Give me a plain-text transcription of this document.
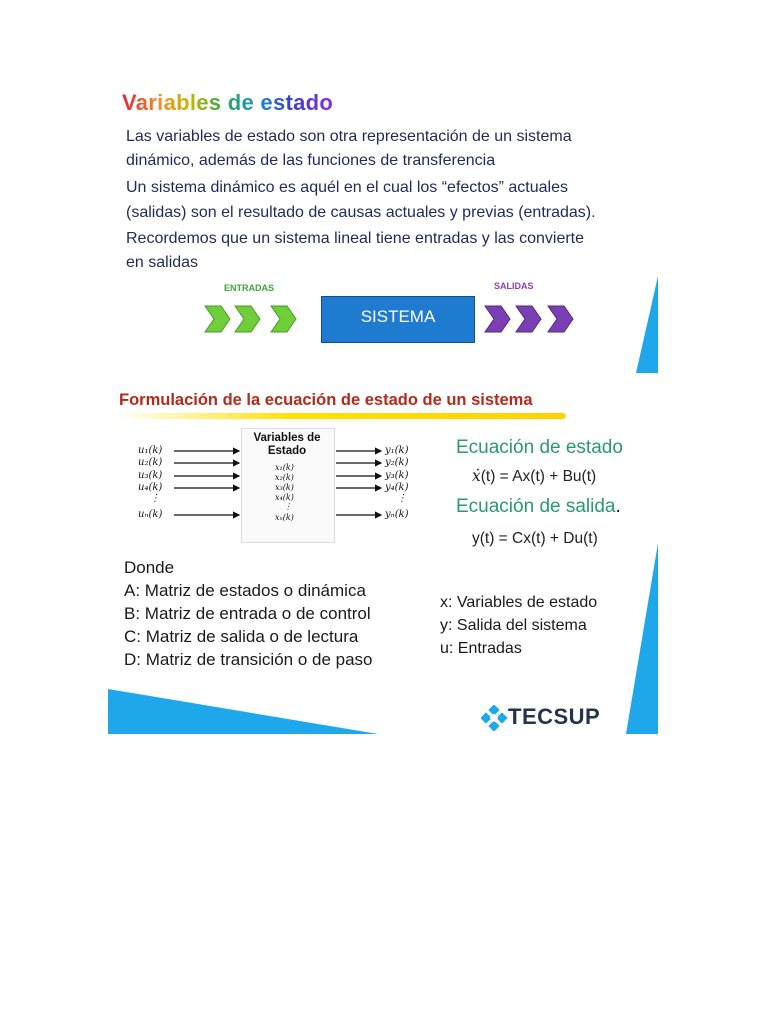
Variables de estado
Las variables de estado son otra representación de un sistema
dinámico, además de las funciones de transferencia
Un sistema dinámico es aquél en el cual los “efectos” actuales
(salidas) son el resultado de causas actuales y previas (entradas).
Recordemos que un sistema lineal tiene entradas y las convierte
en salidas
ENTRADAS	SALIDAS
SISTEMA
Formulación de la ecuación de estado de un sistema
Variables de
Estado
u₁(k)
u₂(k)
u₃(k)
u₄(k)
⋮
uₙ(k)
x₁(k)
x₂(k)
x₃(k)
x₄(k)
⋮
xₙ(k)
y₁(k)
y₂(k)
y₃(k)
y₄(k)
⋮
yₙ(k)
Ecuación de estado
ẋ(t) = Ax(t) + Bu(t)
Ecuación de salida.
y(t) = Cx(t) + Du(t)
Donde
A: Matriz de estados o dinámica
B: Matriz de entrada o de control
C: Matriz de salida o de lectura
D: Matriz de transición o de paso
x: Variables de estado
y: Salida del sistema
u: Entradas
TECSUP
